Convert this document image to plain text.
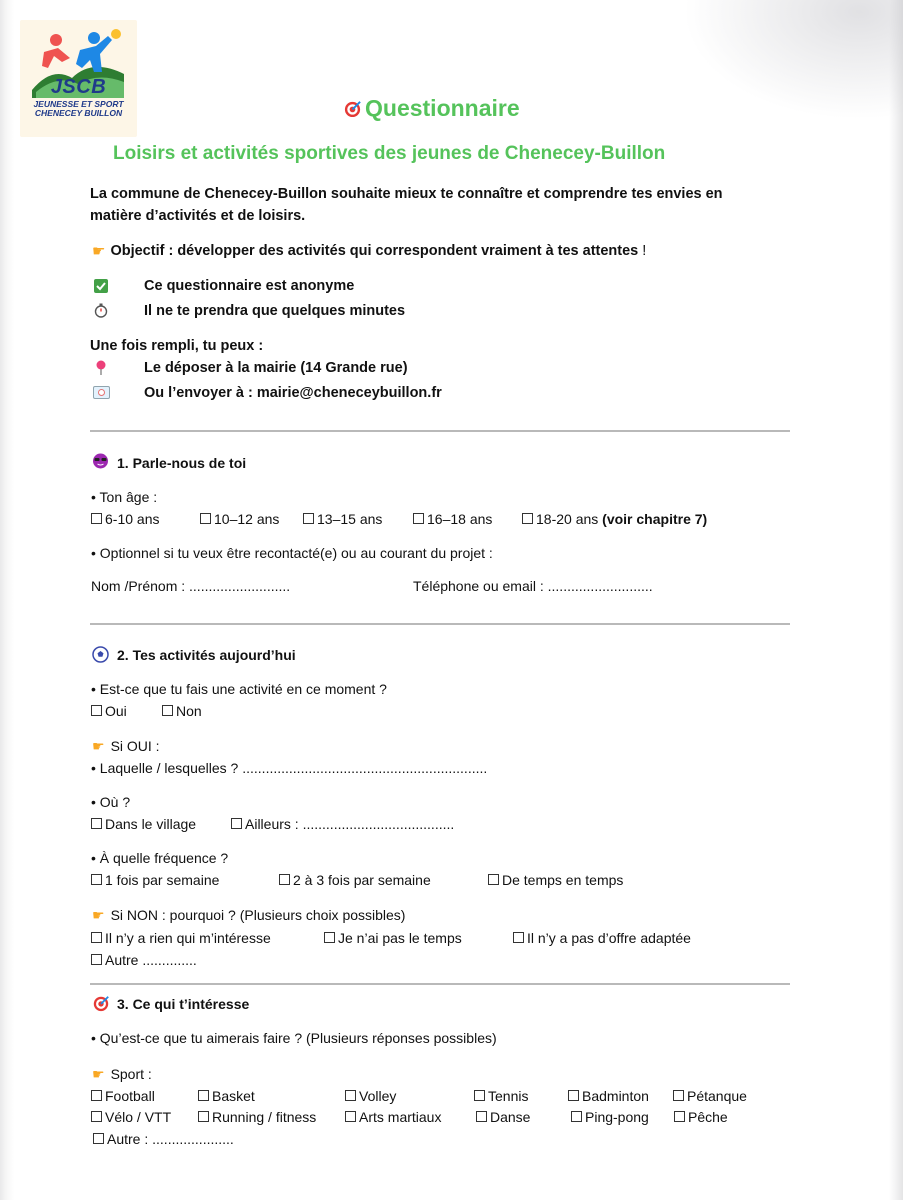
JSCB
JEUNESSE ET SPORT
CHENECEY BUILLON	Questionnaire
Loisirs et activités sportives des jeunes de Chenecey-Buillon
La commune de Chenecey-Buillon souhaite mieux te connaître et comprendre tes envies en
matière d’activités et de loisirs.
☛ Objectif : développer des activités qui correspondent vraiment à tes attentes !
Ce questionnaire est anonyme
Il ne te prendra que quelques minutes
Une fois rempli, tu peux :
Le déposer à la mairie (14 Grande rue)
Ou l’envoyer à : mairie@cheneceybuillon.fr
1. Parle-nous de toi
• Ton âge :
6-10 ans	10–12 ans	13–15 ans	16–18 ans	18-20 ans (voir chapitre 7)
• Optionnel si tu veux être recontacté(e) ou au courant du projet :
Nom /Prénom : ..........................	Téléphone ou email : ...........................
2. Tes activités aujourd’hui
• Est-ce que tu fais une activité en ce moment ?
Oui	Non
☛ Si OUI :
• Laquelle / lesquelles ? ...............................................................
• Où ?
Dans le village	Ailleurs : .......................................
• À quelle fréquence ?
1 fois par semaine	2 à 3 fois par semaine	De temps en temps
☛ Si NON : pourquoi ? (Plusieurs choix possibles)
Il n’y a rien qui m’intéresse	Je n’ai pas le temps	Il n’y a pas d’offre adaptée
Autre ..............
3. Ce qui t’intéresse
• Qu’est-ce que tu aimerais faire ? (Plusieurs réponses possibles)
☛ Sport :
Football	Basket	Volley	Tennis	Badminton	Pétanque
Vélo / VTT	Running / fitness	Arts martiaux	Danse	Ping-pong	Pêche
Autre : .....................
